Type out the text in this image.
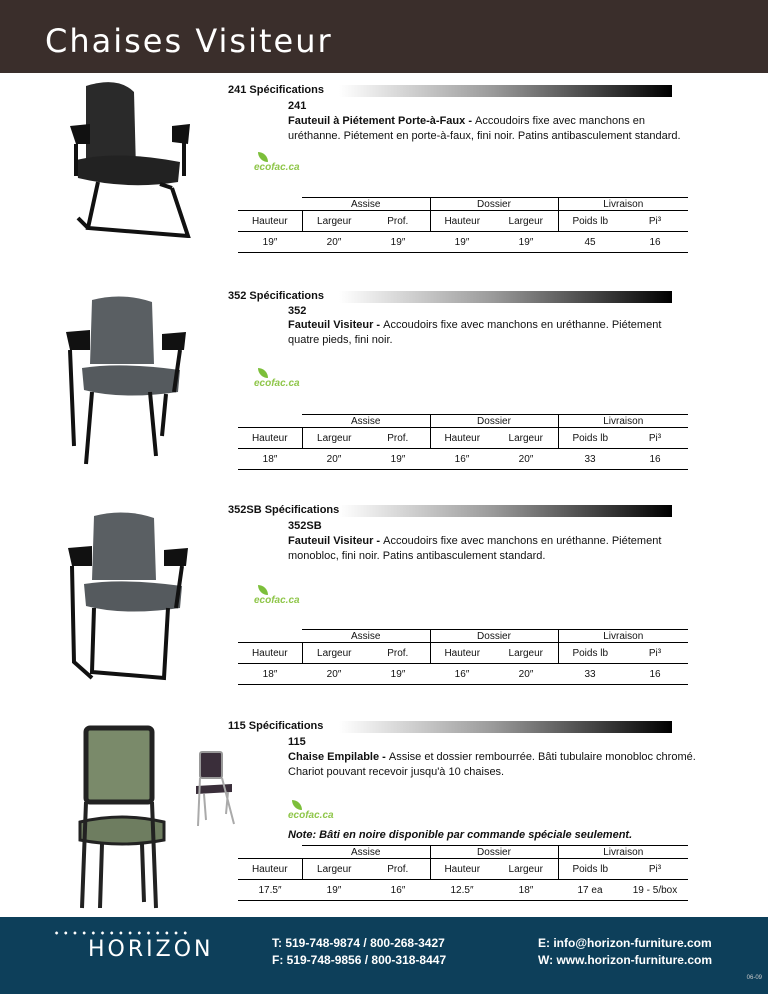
Chaises Visiteur
241 Spécifications
241
Fauteuil à Piétement Porte-à-Faux - Accoudoirs fixe avec manchons en uréthanne. Piétement en porte-à-faux, fini noir. Patins antibasculement standard.
ecofac.ca
	Assise		Dossier		Livraison	
Hauteur	Largeur	Prof.	Hauteur	Largeur	Poids lb	Pi³
19″	20″	19″	19″	19″	45	16
352 Spécifications
352
Fauteuil Visiteur - Accoudoirs fixe avec manchons en uréthanne. Piétement quatre pieds, fini noir.
ecofac.ca
	Assise		Dossier		Livraison	
Hauteur	Largeur	Prof.	Hauteur	Largeur	Poids lb	Pi³
18″	20″	19″	16″	20″	33	16
352SB Spécifications
352SB
Fauteuil Visiteur - Accoudoirs fixe avec manchons en uréthanne. Piétement monobloc, fini noir. Patins antibasculement standard.
ecofac.ca
	Assise		Dossier		Livraison	
Hauteur	Largeur	Prof.	Hauteur	Largeur	Poids lb	Pi³
18″	20″	19″	16″	20″	33	16
115 Spécifications
115
Chaise Empilable - Assise et dossier rembourrée. Bâti tubulaire monobloc chromé. Chariot pouvant recevoir jusqu'à 10 chaises.
ecofac.ca
Note: Bâti en noire disponible par commande spéciale seulement.
	Assise		Dossier		Livraison	
Hauteur	Largeur	Prof.	Hauteur	Largeur	Poids lb	Pi³
17.5″	19″	16″	12.5″	18″	17 ea	19 - 5/box
HORIZON	T: 519-748-9874 / 800-268-3427
F: 519-748-9856 / 800-318-8447
E: info@horizon-furniture.com
W: www.horizon-furniture.com
06-09
